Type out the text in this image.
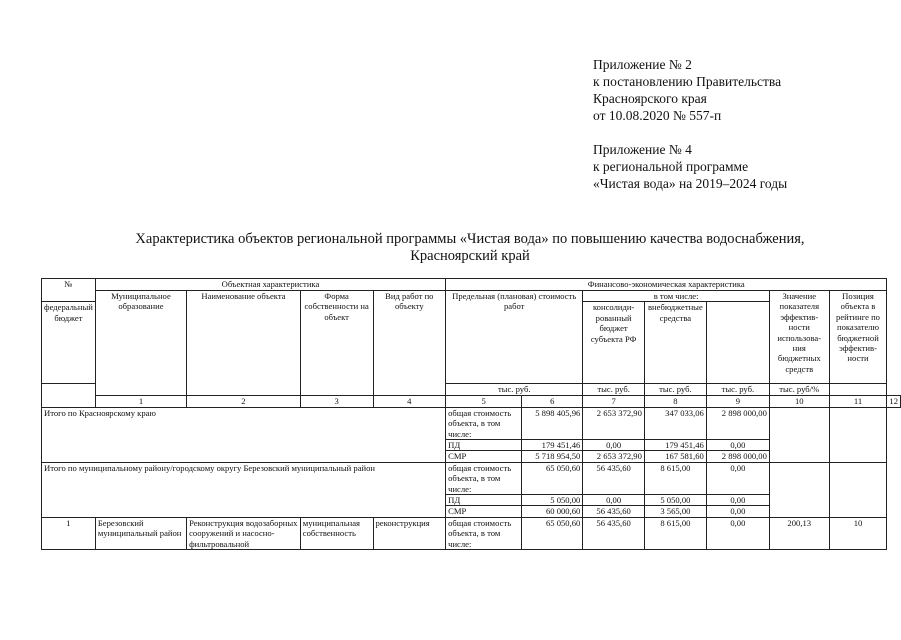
Приложение № 2
к постановлению Правительства
Красноярского края
от 10.08.2020 № 557-п
Приложение № 4
к региональной программе
«Чистая вода» на 2019–2024 годы
Характеристика объектов региональной программы «Чистая вода» по повышению качества водоснабжения,
Красноярский край
№	Объектная характеристика				Финансово-экономическая характеристика							
	Муниципальное образование	Наименование объекта	Форма собственности на объект	Вид работ по объекту	Предельная (плановая) стоимость работ		в том числе:			Значение показателя эффектив-ности использова-ния бюджетных средств	Позиция объекта в рейтинге по показателю бюджетной эффектив-ности	
федеральный бюджет							консолиди-рованный бюджет субъекта РФ	внебюджетные средства				
					тыс. руб.		тыс. руб.	тыс. руб.	тыс. руб.	тыс. руб/%		
	1	2	3	4	5	6	7	8	9	10	11	12
Итого по Красноярскому краю					общая стоимость объекта, в том числе:	5 898 405,96	2 653 372,90	347 033,06	2 898 000,00			
					ПД	179 451,46	0,00	179 451,46	0,00			
					СМР	5 718 954,50	2 653 372,90	167 581,60	2 898 000,00			
Итого по муниципальному району/городскому округу Березовский муниципальный район					общая стоимость объекта, в том числе:	65 050,60	56 435,60	8 615,00	0,00			
					ПД	5 050,00	0,00	5 050,00	0,00			
					СМР	60 000,60	56 435,60	3 565,00	0,00			
1	Березовский муниципальный район	Реконструкция водозаборных сооружений и насосно-фильтровальной	муниципальная собственность	реконструкция	общая стоимость объекта, в том числе:	65 050,60	56 435,60	8 615,00	0,00	200,13	10	
